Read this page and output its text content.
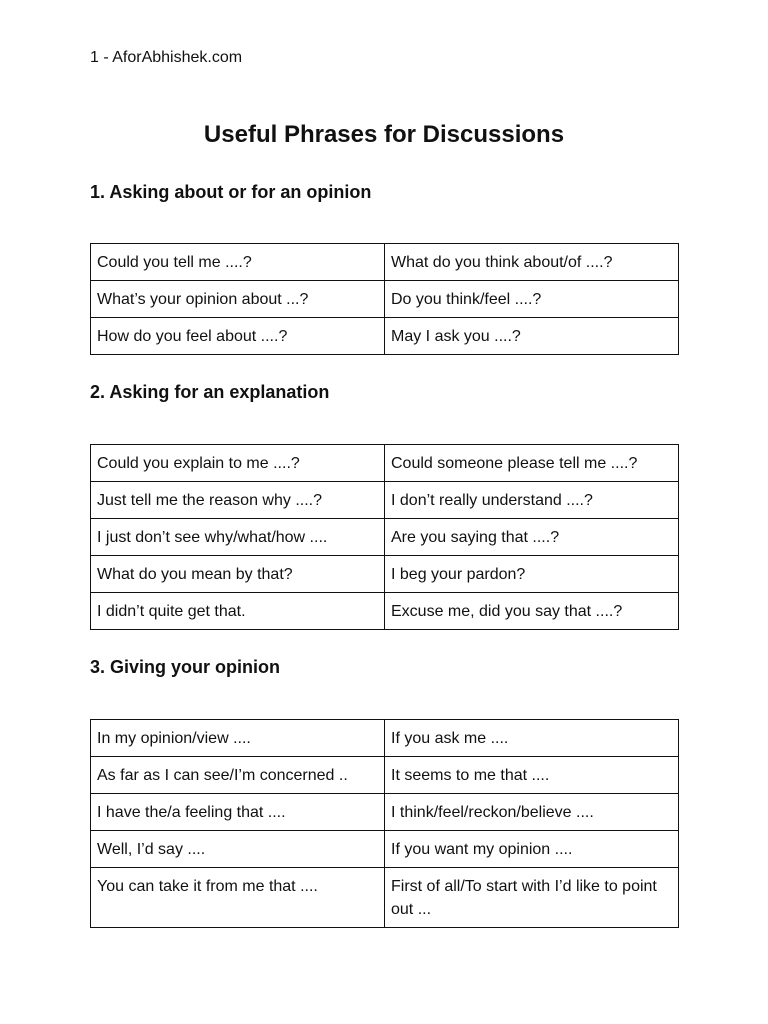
1 - AforAbhishek.com
Useful Phrases for Discussions
1. Asking about or for an opinion
Could you tell me ....?	What do you think about/of ....?
What’s your opinion about ...?	Do you think/feel ....?
How do you feel about ....?	May I ask you ....?
2. Asking for an explanation
Could you explain to me ....?	Could someone please tell me ....?
Just tell me the reason why ....?	I don’t really understand ....?
I just don’t see why/what/how ....	Are you saying that ....?
What do you mean by that?	I beg your pardon?
I didn’t quite get that.	Excuse me, did you say that ....?
3. Giving your opinion
In my opinion/view ....	If you ask me ....
As far as I can see/I’m concerned ..	It seems to me that ....
I have the/a feeling that ....	I think/feel/reckon/believe ....
Well, I’d say ....	If you want my opinion ....
You can take it from me that ....	First of all/To start with I’d like to point out ...
